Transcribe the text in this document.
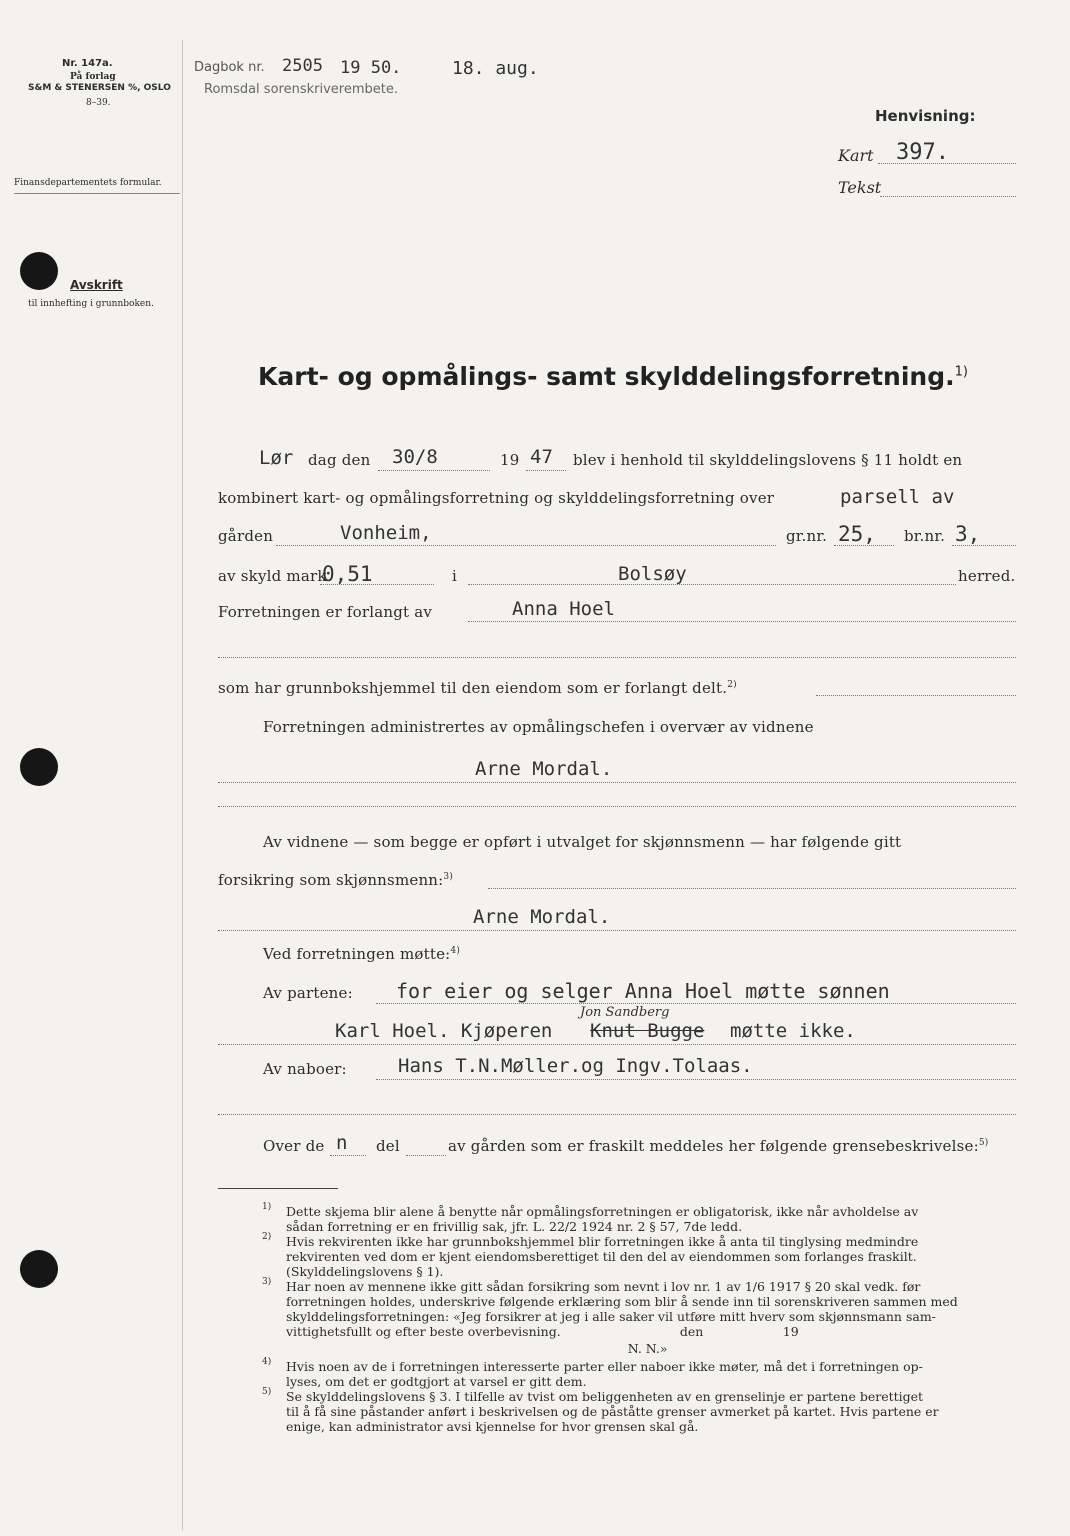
Nr. 147a.
På forlag
S&M & STENERSEN %, OSLO
8–39.
Finansdepartementets formular.
Avskrift
til innhefting i grunnboken.
Dagbok nr. 2505 19 50.	18. aug.
Romsdal sorenskriverembete.
Henvisning:
Kart 397.
Tekst
Kart- og opmålings- samt skylddelingsforretning.$^{1)}$
Lør dag den 30/8	19 47 blev i henhold til skylddelingslovens § 11 holdt en
kombinert kart- og opmålingsforretning og skylddelingsforretning over	parsell av
gården	Vonheim,	gr.nr. 25, br.nr. 3,
av skyld mark
0,51	i	Bolsøy	herred.
Forretningen er forlangt av	Anna Hoel
som har grunnbokshjemmel til den eiendom som er forlangt delt.$^{2)}$
Forretningen administrertes av opmålingschefen i overvær av vidnene
Arne Mordal.
Av vidnene — som begge er opført i utvalget for skjønnsmenn — har følgende gitt
forsikring som skjønnsmenn:$^{3)}$
Arne Mordal.
Ved forretningen møtte:$^{4)}$
Av partene: for eier og selger Anna Hoel møtte sønnen
Jon Sandberg
Karl Hoel. Kjøperen Knut Bugge møtte ikke.
Av naboer:	Hans T.N.Møller.og Ingv.Tolaas.
Over de n del	av gården som er fraskilt meddeles her følgende grensebeskrivelse:$^{5)}$
1) Dette skjema blir alene å benytte når opmålingsforretningen er obligatorisk, ikke når avholdelse av
sådan forretning er en frivillig sak, jfr. L. 22/2 1924 nr. 2 § 57, 7de ledd.
2) Hvis rekvirenten ikke har grunnbokshjemmel blir forretningen ikke å anta til tinglysing medmindre
rekvirenten ved dom er kjent eiendomsberettiget til den del av eiendommen som forlanges fraskilt.
(Skylddelingslovens § 1).
3) Har noen av mennene ikke gitt sådan forsikring som nevnt i lov nr. 1 av 1/6 1917 § 20 skal vedk. før
forretningen holdes, underskrive følgende erklæring som blir å sende inn til sorenskriveren sammen med
skylddelingsforretningen: «Jeg forsikrer at jeg i alle saker vil utføre mitt hverv som skjønnsmann sam-
vittighetsfullt og efter beste overbevisning.                              den                    19
N. N.»
4) Hvis noen av de i forretningen interesserte parter eller naboer ikke møter, må det i forretningen op-
lyses, om det er godtgjort at varsel er gitt dem.
5) Se skylddelingslovens § 3. I tilfelle av tvist om beliggenheten av en grenselinje er partene berettiget
til å få sine påstander anført i beskrivelsen og de påståtte grenser avmerket på kartet. Hvis partene er
enige, kan administrator avsi kjennelse for hvor grensen skal gå.
